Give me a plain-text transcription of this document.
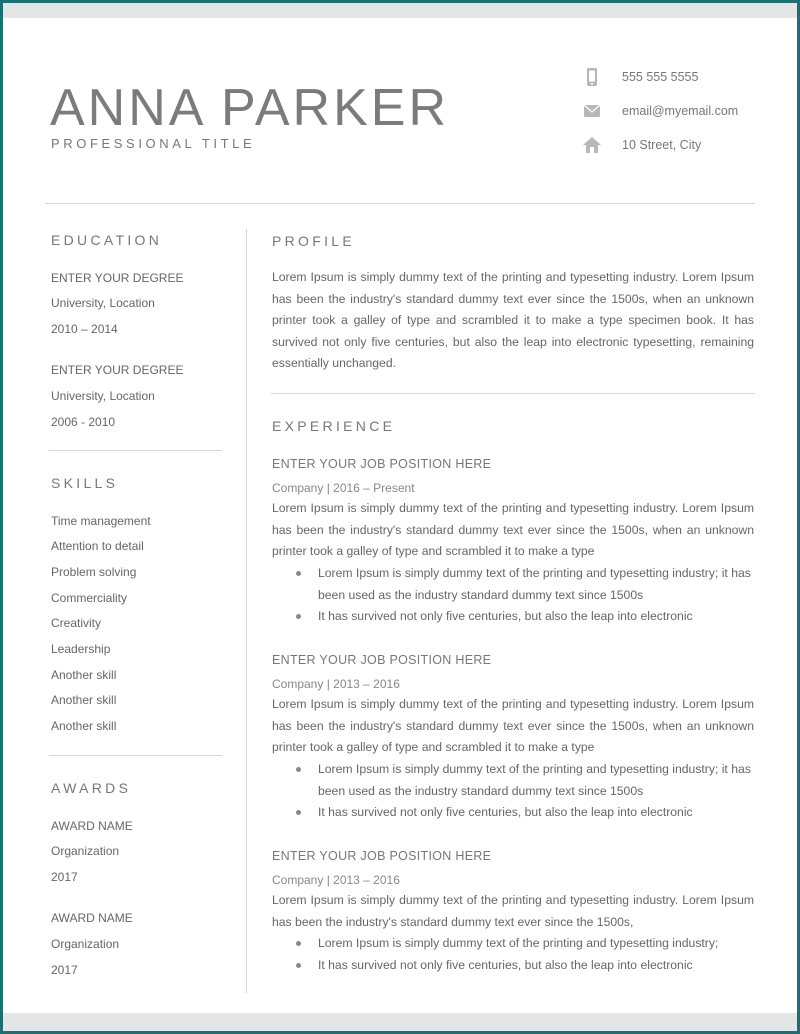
ANNA PARKER
PROFESSIONAL TITLE
555 555 5555
email@myemail.com
10 Street, City
EDUCATION
ENTER YOUR DEGREE
University, Location
2010 – 2014
ENTER YOUR DEGREE
University, Location
2006 - 2010
SKILLS
Time management
Attention to detail
Problem solving
Commerciality
Creativity
Leadership
Another skill
Another skill
Another skill
AWARDS
AWARD NAME
Organization
2017
AWARD NAME
Organization
2017
PROFILE

Lorem Ipsum is simply dummy text of the printing and typesetting industry. Lorem Ipsum has been the industry's standard dummy text ever since the 1500s, when an unknown printer took a galley of type and scrambled it to make a type specimen book. It has survived not only five centuries, but also the leap into electronic typesetting, remaining essentially unchanged.

EXPERIENCE
ENTER YOUR JOB POSITION HERE
Company | 2016 – Present

Lorem Ipsum is simply dummy text of the printing and typesetting industry. Lorem Ipsum has been the industry's standard dummy text ever since the 1500s, when an unknown printer took a galley of type and scrambled it to make a type

Lorem Ipsum is simply dummy text of the printing and typesetting industry; it has been used as the industry standard dummy text since 1500s
It has survived not only five centuries, but also the leap into electronic
ENTER YOUR JOB POSITION HERE
Company | 2013 – 2016

Lorem Ipsum is simply dummy text of the printing and typesetting industry. Lorem Ipsum has been the industry's standard dummy text ever since the 1500s, when an unknown printer took a galley of type and scrambled it to make a type

Lorem Ipsum is simply dummy text of the printing and typesetting industry; it has been used as the industry standard dummy text since 1500s
It has survived not only five centuries, but also the leap into electronic
ENTER YOUR JOB POSITION HERE
Company | 2013 – 2016

Lorem Ipsum is simply dummy text of the printing and typesetting industry. Lorem Ipsum has been the industry's standard dummy text ever since the 1500s,

Lorem Ipsum is simply dummy text of the printing and typesetting industry;
It has survived not only five centuries, but also the leap into electronic
